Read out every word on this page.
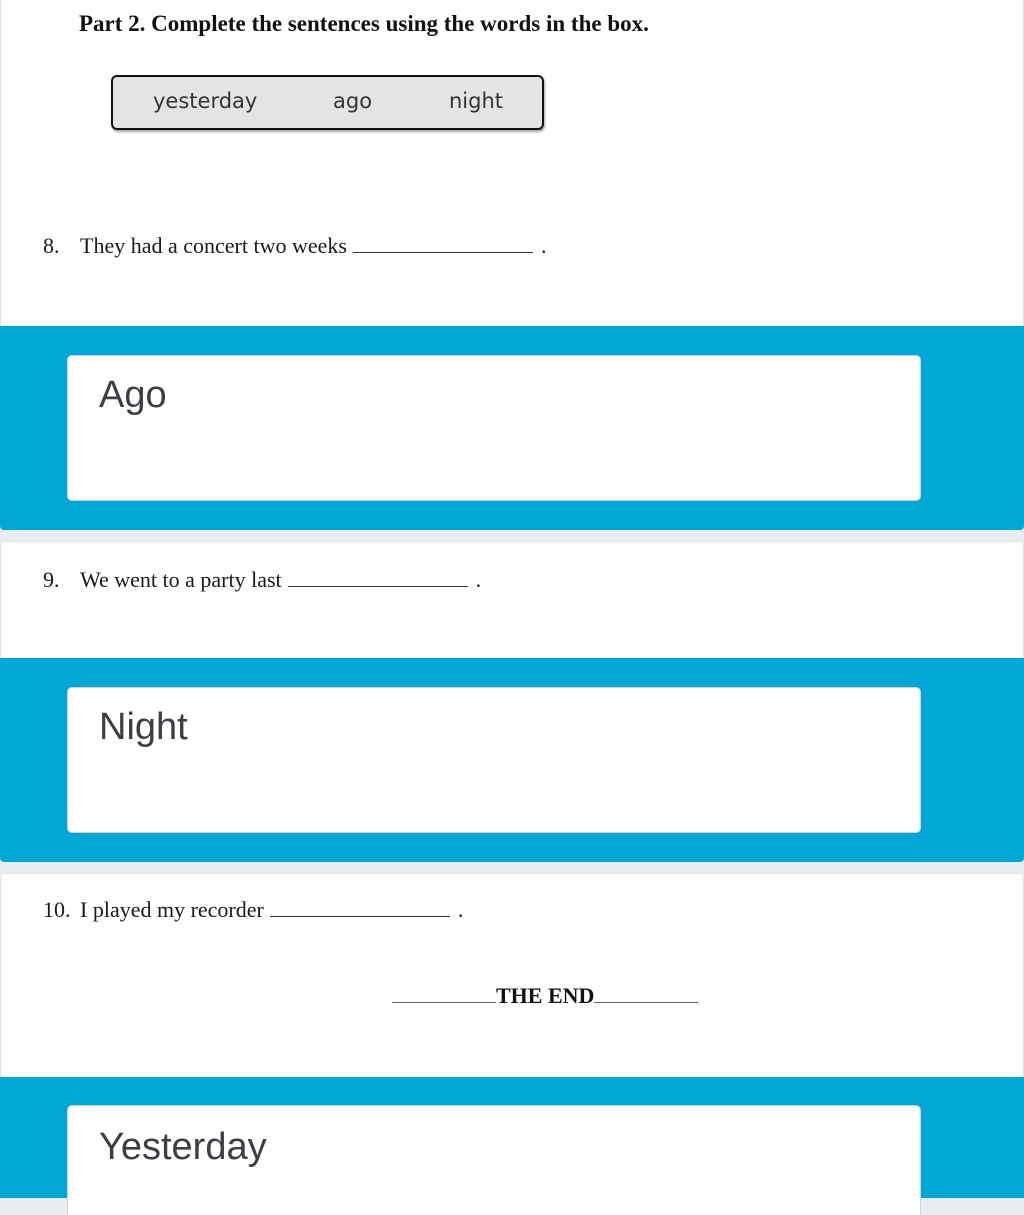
Part 2. Complete the sentences using the words in the box.
yesterday	ago	night
8. They had a concert two weeks	.
Ago
9. We went to a party last	.
Night
10. I played my recorder	.
THE END
Yesterday
